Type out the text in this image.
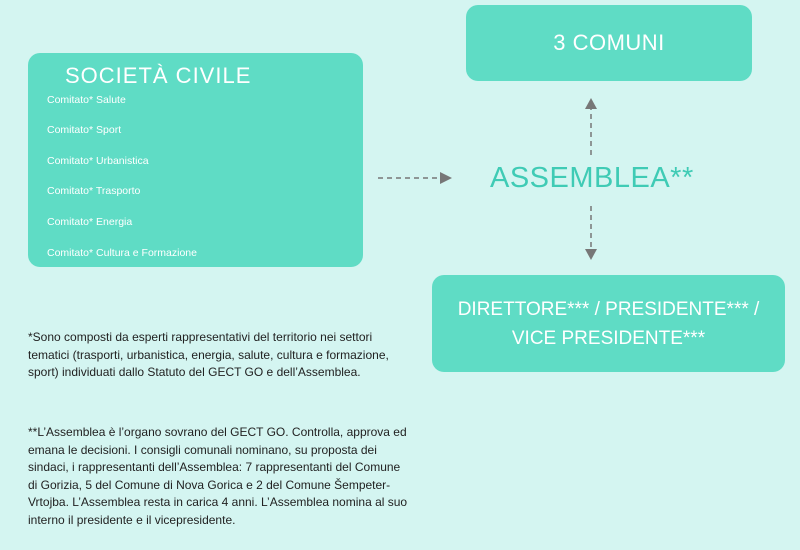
SOCIETÀ CIVILE
Comitato* Salute
Comitato* Sport
Comitato* Urbanistica
Comitato* Trasporto
Comitato* Energia
Comitato* Cultura e Formazione
3 COMUNI
ASSEMBLEA**
DIRETTORE*** / PRESIDENTE*** /
VICE PRESIDENTE***
*Sono composti da esperti rappresentativi del territorio nei settori tematici (trasporti, urbanistica, energia, salute, cultura e formazione, sport) individuati dallo Statuto del GECT GO e dell’Assemblea.
**L’Assemblea è l’organo sovrano del GECT GO. Controlla, approva ed emana le decisioni. I consigli comunali nominano, su proposta dei sindaci, i rappresentanti dell’Assemblea: 7 rappresentanti del Comune di Gorizia, 5 del Comune di Nova Gorica e 2 del Comune Šempeter-Vrtojba. L’Assemblea resta in carica 4 anni. L’Assemblea nomina al suo interno il presidente e il vicepresidente.
